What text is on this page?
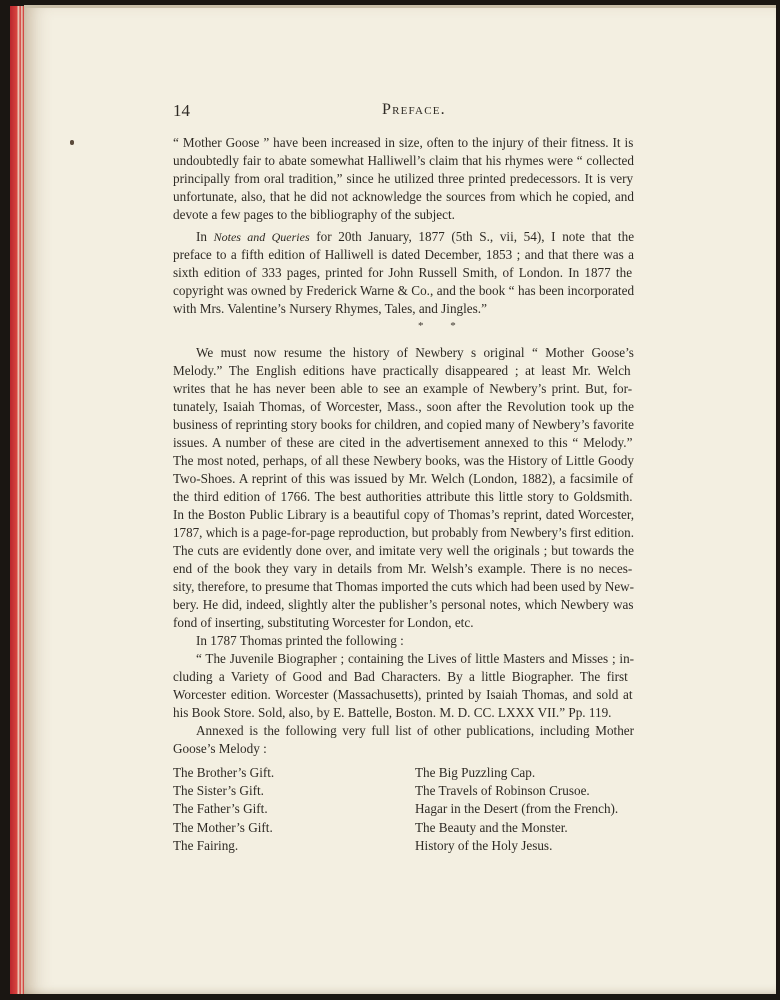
14	Preface.
“ Mother Goose ” have been increased in size, often to the injury of their fitness. It is
undoubtedly fair to abate somewhat Halliwell’s claim that his rhymes were “ collected
principally from oral tradition,” since he utilized three printed predecessors. It is very
unfortunate, also, that he did not acknowledge the sources from which he copied, and
devote a few pages to the bibliography of the subject.
In Notes and Queries for 20th January, 1877 (5th S., vii, 54), I note that the
preface to a fifth edition of Halliwell is dated December, 1853 ; and that there was a
sixth edition of 333 pages, printed for John Russell Smith, of London. In 1877 the
copyright was owned by Frederick Warne & Co., and the book “ has been incorporated
with Mrs. Valentine’s Nursery Rhymes, Tales, and Jingles.”
* *
We must now resume the history of Newbery s original “ Mother Goose’s
Melody.” The English editions have practically disappeared ; at least Mr. Welch
writes that he has never been able to see an example of Newbery’s print. But, for-
tunately, Isaiah Thomas, of Worcester, Mass., soon after the Revolution took up the
business of reprinting story books for children, and copied many of Newbery’s favorite
issues. A number of these are cited in the advertisement annexed to this “ Melody.”
The most noted, perhaps, of all these Newbery books, was the History of Little Goody
Two-Shoes. A reprint of this was issued by Mr. Welch (London, 1882), a facsimile of
the third edition of 1766. The best authorities attribute this little story to Goldsmith.
In the Boston Public Library is a beautiful copy of Thomas’s reprint, dated Worcester,
1787, which is a page-for-page reproduction, but probably from Newbery’s first edition.
The cuts are evidently done over, and imitate very well the originals ; but towards the
end of the book they vary in details from Mr. Welsh’s example. There is no neces-
sity, therefore, to presume that Thomas imported the cuts which had been used by New-
bery. He did, indeed, slightly alter the publisher’s personal notes, which Newbery was
fond of inserting, substituting Worcester for London, etc.
In 1787 Thomas printed the following :
“ The Juvenile Biographer ; containing the Lives of little Masters and Misses ; in-
cluding a Variety of Good and Bad Characters. By a little Biographer. The first
Worcester edition. Worcester (Massachusetts), printed by Isaiah Thomas, and sold at
his Book Store. Sold, also, by E. Battelle, Boston. M. D. CC. LXXX VII.” Pp. 119.
Annexed is the following very full list of other publications, including Mother
Goose’s Melody :
The Brother’s Gift.
The Sister’s Gift.
The Father’s Gift.
The Mother’s Gift.
The Fairing.
The Big Puzzling Cap.
The Travels of Robinson Crusoe.
Hagar in the Desert (from the French).
The Beauty and the Monster.
History of the Holy Jesus.
